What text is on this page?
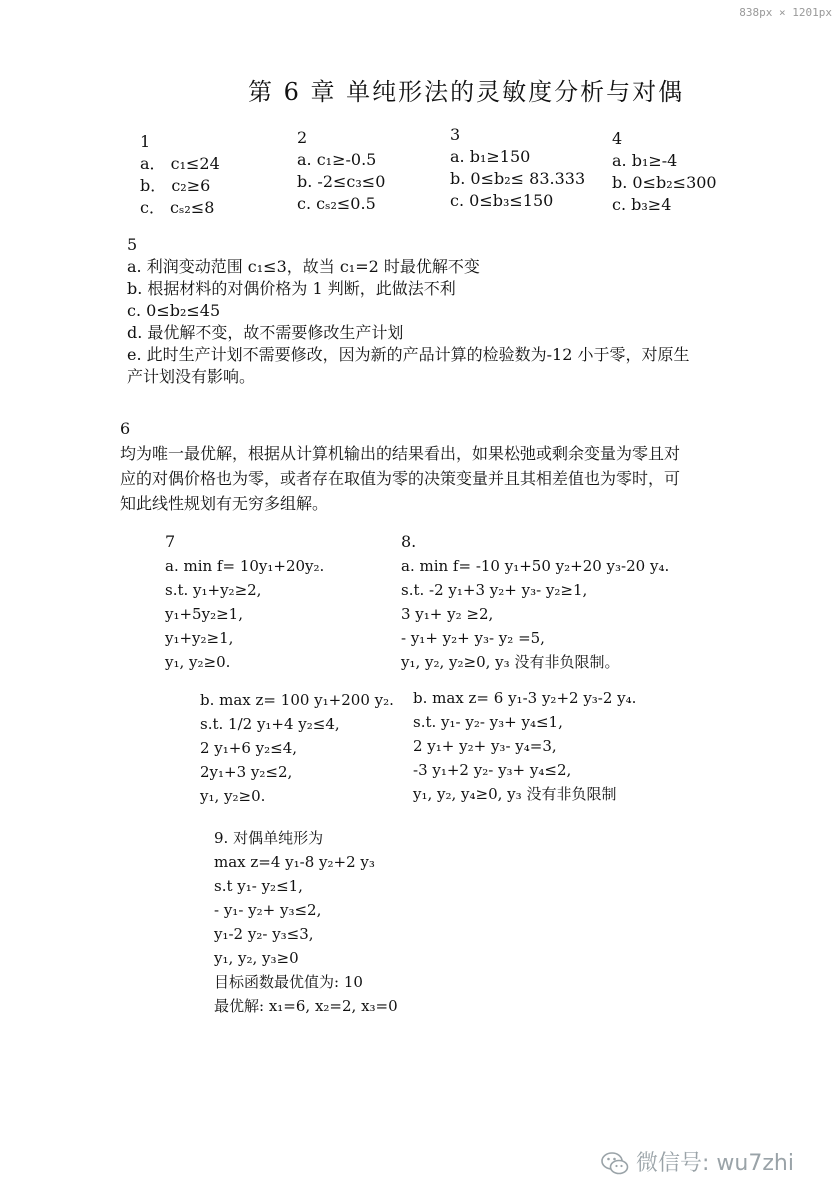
838px × 1201px
第 6 章 单纯形法的灵敏度分析与对偶

1

a． c₁≤24

b． c₂≥6

c． cₛ₂≤8

2

a. c₁≥-0.5

b. -2≤c₃≤0

c. cₛ₂≤0.5

3

a. b₁≥150

b. 0≤b₂≤ 83.333

c. 0≤b₃≤150

4

a. b₁≥-4

b. 0≤b₂≤300

c. b₃≥4

5

a. 利润变动范围 c₁≤3，故当 c₁=2 时最优解不变

b. 根据材料的对偶价格为 1 判断，此做法不利

c. 0≤b₂≤45

d. 最优解不变，故不需要修改生产计划

e. 此时生产计划不需要修改，因为新的产品计算的检验数为-12 小于零，对原生

产计划没有影响。

6

均为唯一最优解，根据从计算机输出的结果看出，如果松弛或剩余变量为零且对

应的对偶价格也为零，或者存在取值为零的决策变量并且其相差值也为零时，可

知此线性规划有无穷多组解。

7

a. min f= 10y₁+20y₂.

s.t. y₁+y₂≥2,

y₁+5y₂≥1,

y₁+y₂≥1,

y₁, y₂≥0.

b. max z= 100 y₁+200 y₂.

s.t. 1/2 y₁+4 y₂≤4,

2 y₁+6 y₂≤4,

2y₁+3 y₂≤2,

y₁, y₂≥0.

8.

a. min f= -10 y₁+50 y₂+20 y₃-20 y₄.

s.t. -2 y₁+3 y₂+ y₃- y₂≥1,

3 y₁+ y₂ ≥2,

- y₁+ y₂+ y₃- y₂ =5,

y₁, y₂, y₂≥0, y₃ 没有非负限制。

b. max z= 6 y₁-3 y₂+2 y₃-2 y₄.

s.t. y₁- y₂- y₃+ y₄≤1,

2 y₁+ y₂+ y₃- y₄=3,

-3 y₁+2 y₂- y₃+ y₄≤2,

y₁, y₂, y₄≥0, y₃ 没有非负限制

9. 对偶单纯形为

max z=4 y₁-8 y₂+2 y₃

s.t y₁- y₂≤1,

- y₁- y₂+ y₃≤2,

y₁-2 y₂- y₃≤3,

y₁, y₂, y₃≥0

目标函数最优值为: 10

最优解: x₁=6, x₂=2, x₃=0

微信号: wu7zhi
